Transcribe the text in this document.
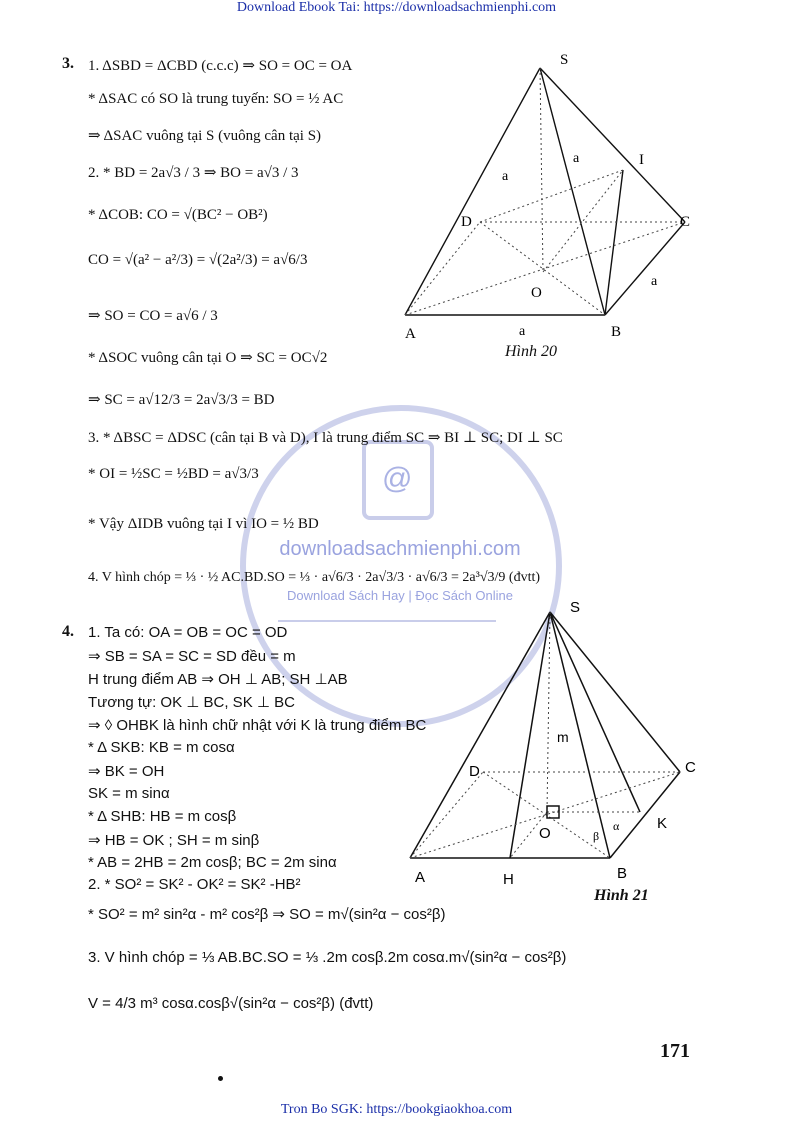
Download Ebook Tai: https://downloadsachmienphi.com
@
downloadsachmienphi.com
Download Sách Hay | Đọc Sách Online
3. 1. ΔSBD = ΔCBD (c.c.c) ⇒ SO = OC = OA
* ΔSAC có SO là trung tuyến: SO = ½ AC
⇒ ΔSAC vuông tại S (vuông cân tại S)
2. * BD = 2a√3 / 3 ⇒ BO = a√3 / 3
* ΔCOB: CO = √(BC² − OB²)
CO = √(a² − a²/3) = √(2a²/3) = a√6/3
⇒ SO = CO = a√6 / 3
* ΔSOC vuông cân tại O ⇒ SC = OC√2
⇒ SC = a√12/3 = 2a√3/3 = BD
3. * ΔBSC = ΔDSC (cân tại B và D), I là trung điểm SC ⇒ BI ⊥ SC; DI ⊥ SC
* OI = ½SC = ½BD = a√3/3
* Vậy ΔIDB vuông tại I vì IO = ½ BD
4. V hình chóp = ⅓ · ½ AC.BD.SO = ⅓ · a√6/3 · 2a√3/3 · a√6/3 = 2a³√3/9 (đvtt)
S
I
D	C
O
A	B
a
a
a
a
Hình 20
4. 1. Ta có: OA = OB = OC = OD
⇒ SB = SA = SC = SD đều = m
H trung điểm AB ⇒ OH ⊥ AB; SH ⊥AB
Tương tự: OK ⊥ BC, SK ⊥ BC
⇒ ◊ OHBK là hình chữ nhật với K là trung điểm BC
* Δ SKB: KB = m cosα
⇒ BK = OH
SK = m sinα
* Δ SHB: HB = m cosβ
⇒ HB = OK ; SH = m sinβ
* AB = 2HB = 2m cosβ; BC = 2m sinα
2. * SO² = SK² - OK² = SK² -HB²
* SO² = m² sin²α - m² cos²β ⇒ SO = m√(sin²α − cos²β)
3. V hình chóp = ⅓ AB.BC.SO = ⅓ .2m cosβ.2m cosα.m√(sin²α − cos²β)
V = 4/3 m³ cosα.cosβ√(sin²α − cos²β) (đvtt)
S
D	C
m
O
K
A	H	B
β
α
Hình 21
171
Tron Bo SGK: https://bookgiaokhoa.com
